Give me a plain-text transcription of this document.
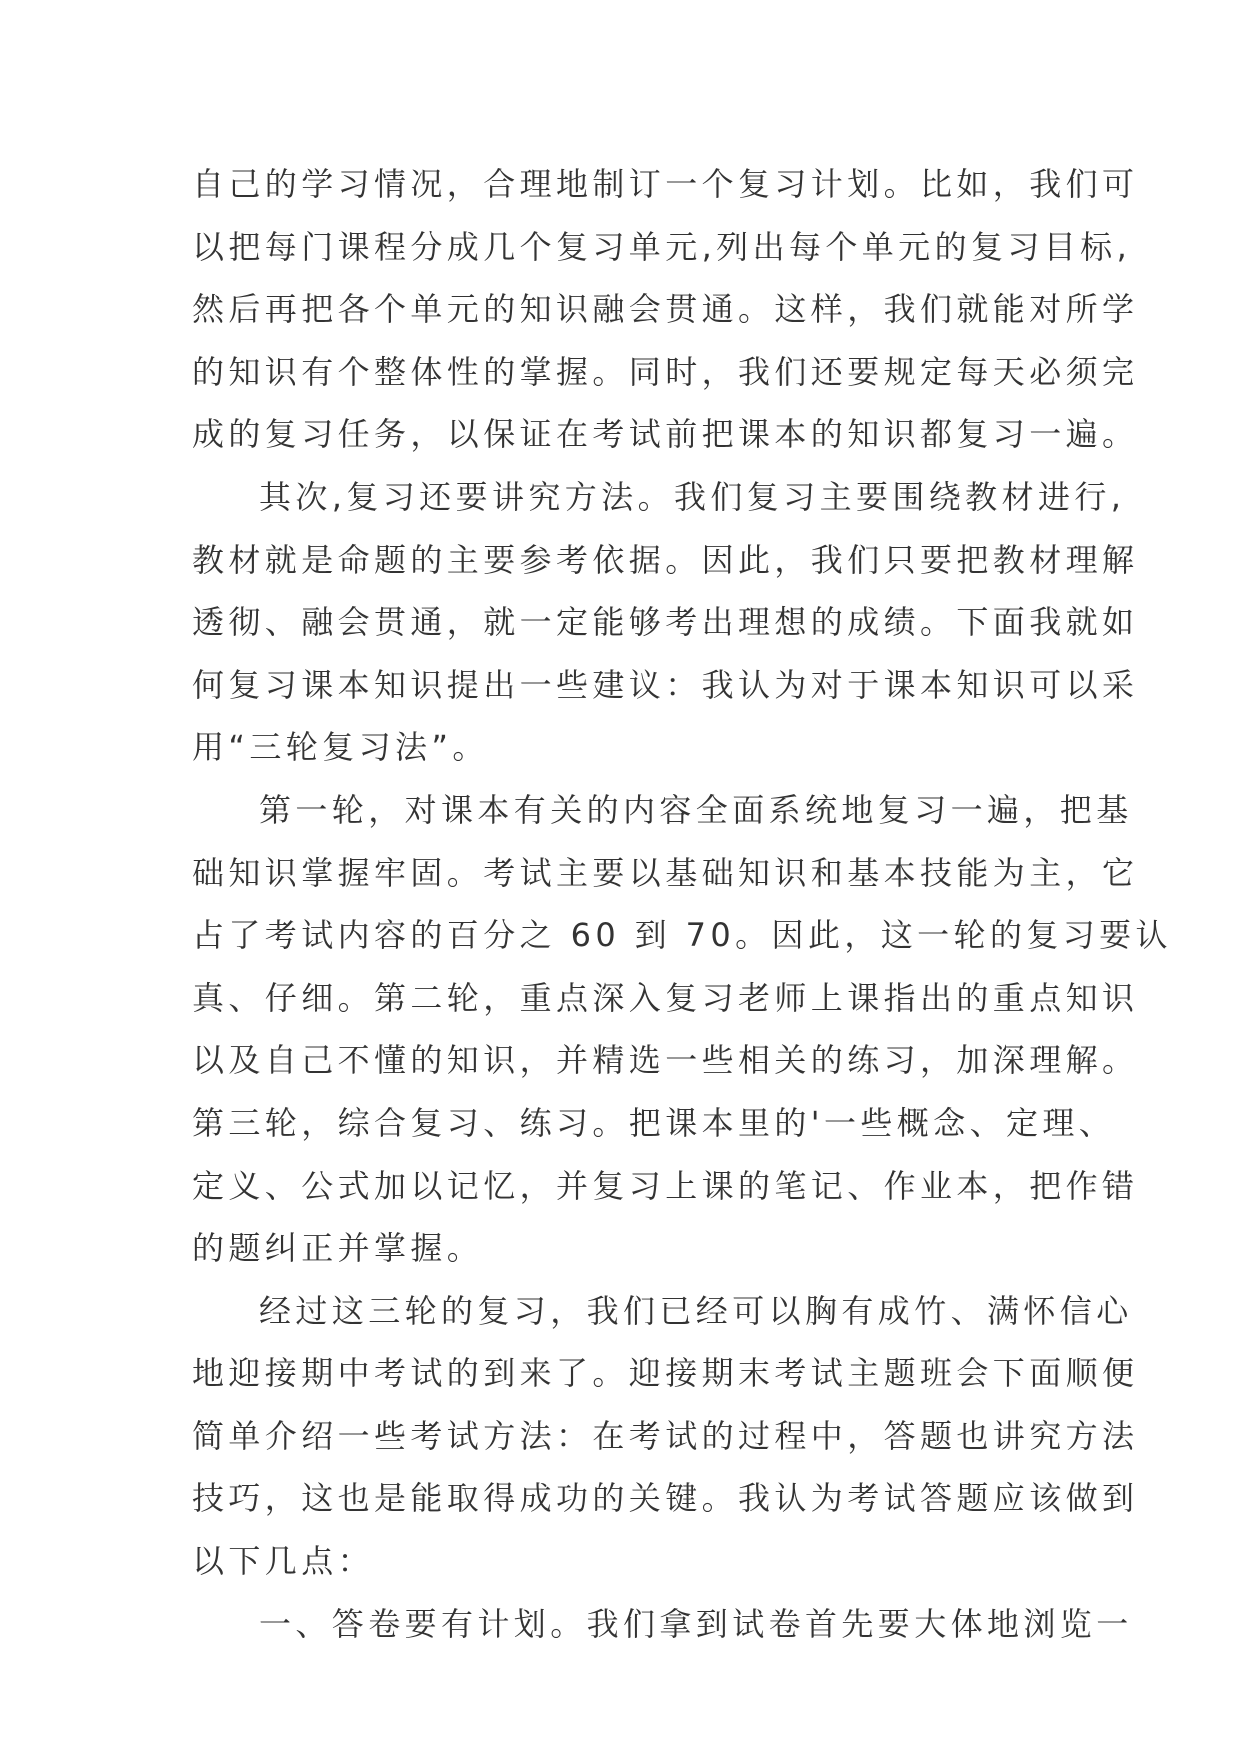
自己的学习情况，合理地制订一个复习计划。比如，我们可
以把每门课程分成几个复习单元,列出每个单元的复习目标,
然后再把各个单元的知识融会贯通。这样，我们就能对所学
的知识有个整体性的掌握。同时，我们还要规定每天必须完
成的复习任务，以保证在考试前把课本的知识都复习一遍。
其次,复习还要讲究方法。我们复习主要围绕教材进行,
教材就是命题的主要参考依据。因此，我们只要把教材理解
透彻、融会贯通，就一定能够考出理想的成绩。下面我就如
何复习课本知识提出一些建议：我认为对于课本知识可以采
用“三轮复习法”。
第一轮，对课本有关的内容全面系统地复习一遍，把基
础知识掌握牢固。考试主要以基础知识和基本技能为主，它
占了考试内容的百分之 60 到 70。因此，这一轮的复习要认
真、仔细。第二轮，重点深入复习老师上课指出的重点知识
以及自己不懂的知识，并精选一些相关的练习，加深理解。
第三轮，综合复习、练习。把课本里的'一些概念、定理、
定义、公式加以记忆，并复习上课的笔记、作业本，把作错
的题纠正并掌握。
经过这三轮的复习，我们已经可以胸有成竹、满怀信心
地迎接期中考试的到来了。迎接期末考试主题班会下面顺便
简单介绍一些考试方法：在考试的过程中，答题也讲究方法
技巧，这也是能取得成功的关键。我认为考试答题应该做到
以下几点：
一、答卷要有计划。我们拿到试卷首先要大体地浏览一
